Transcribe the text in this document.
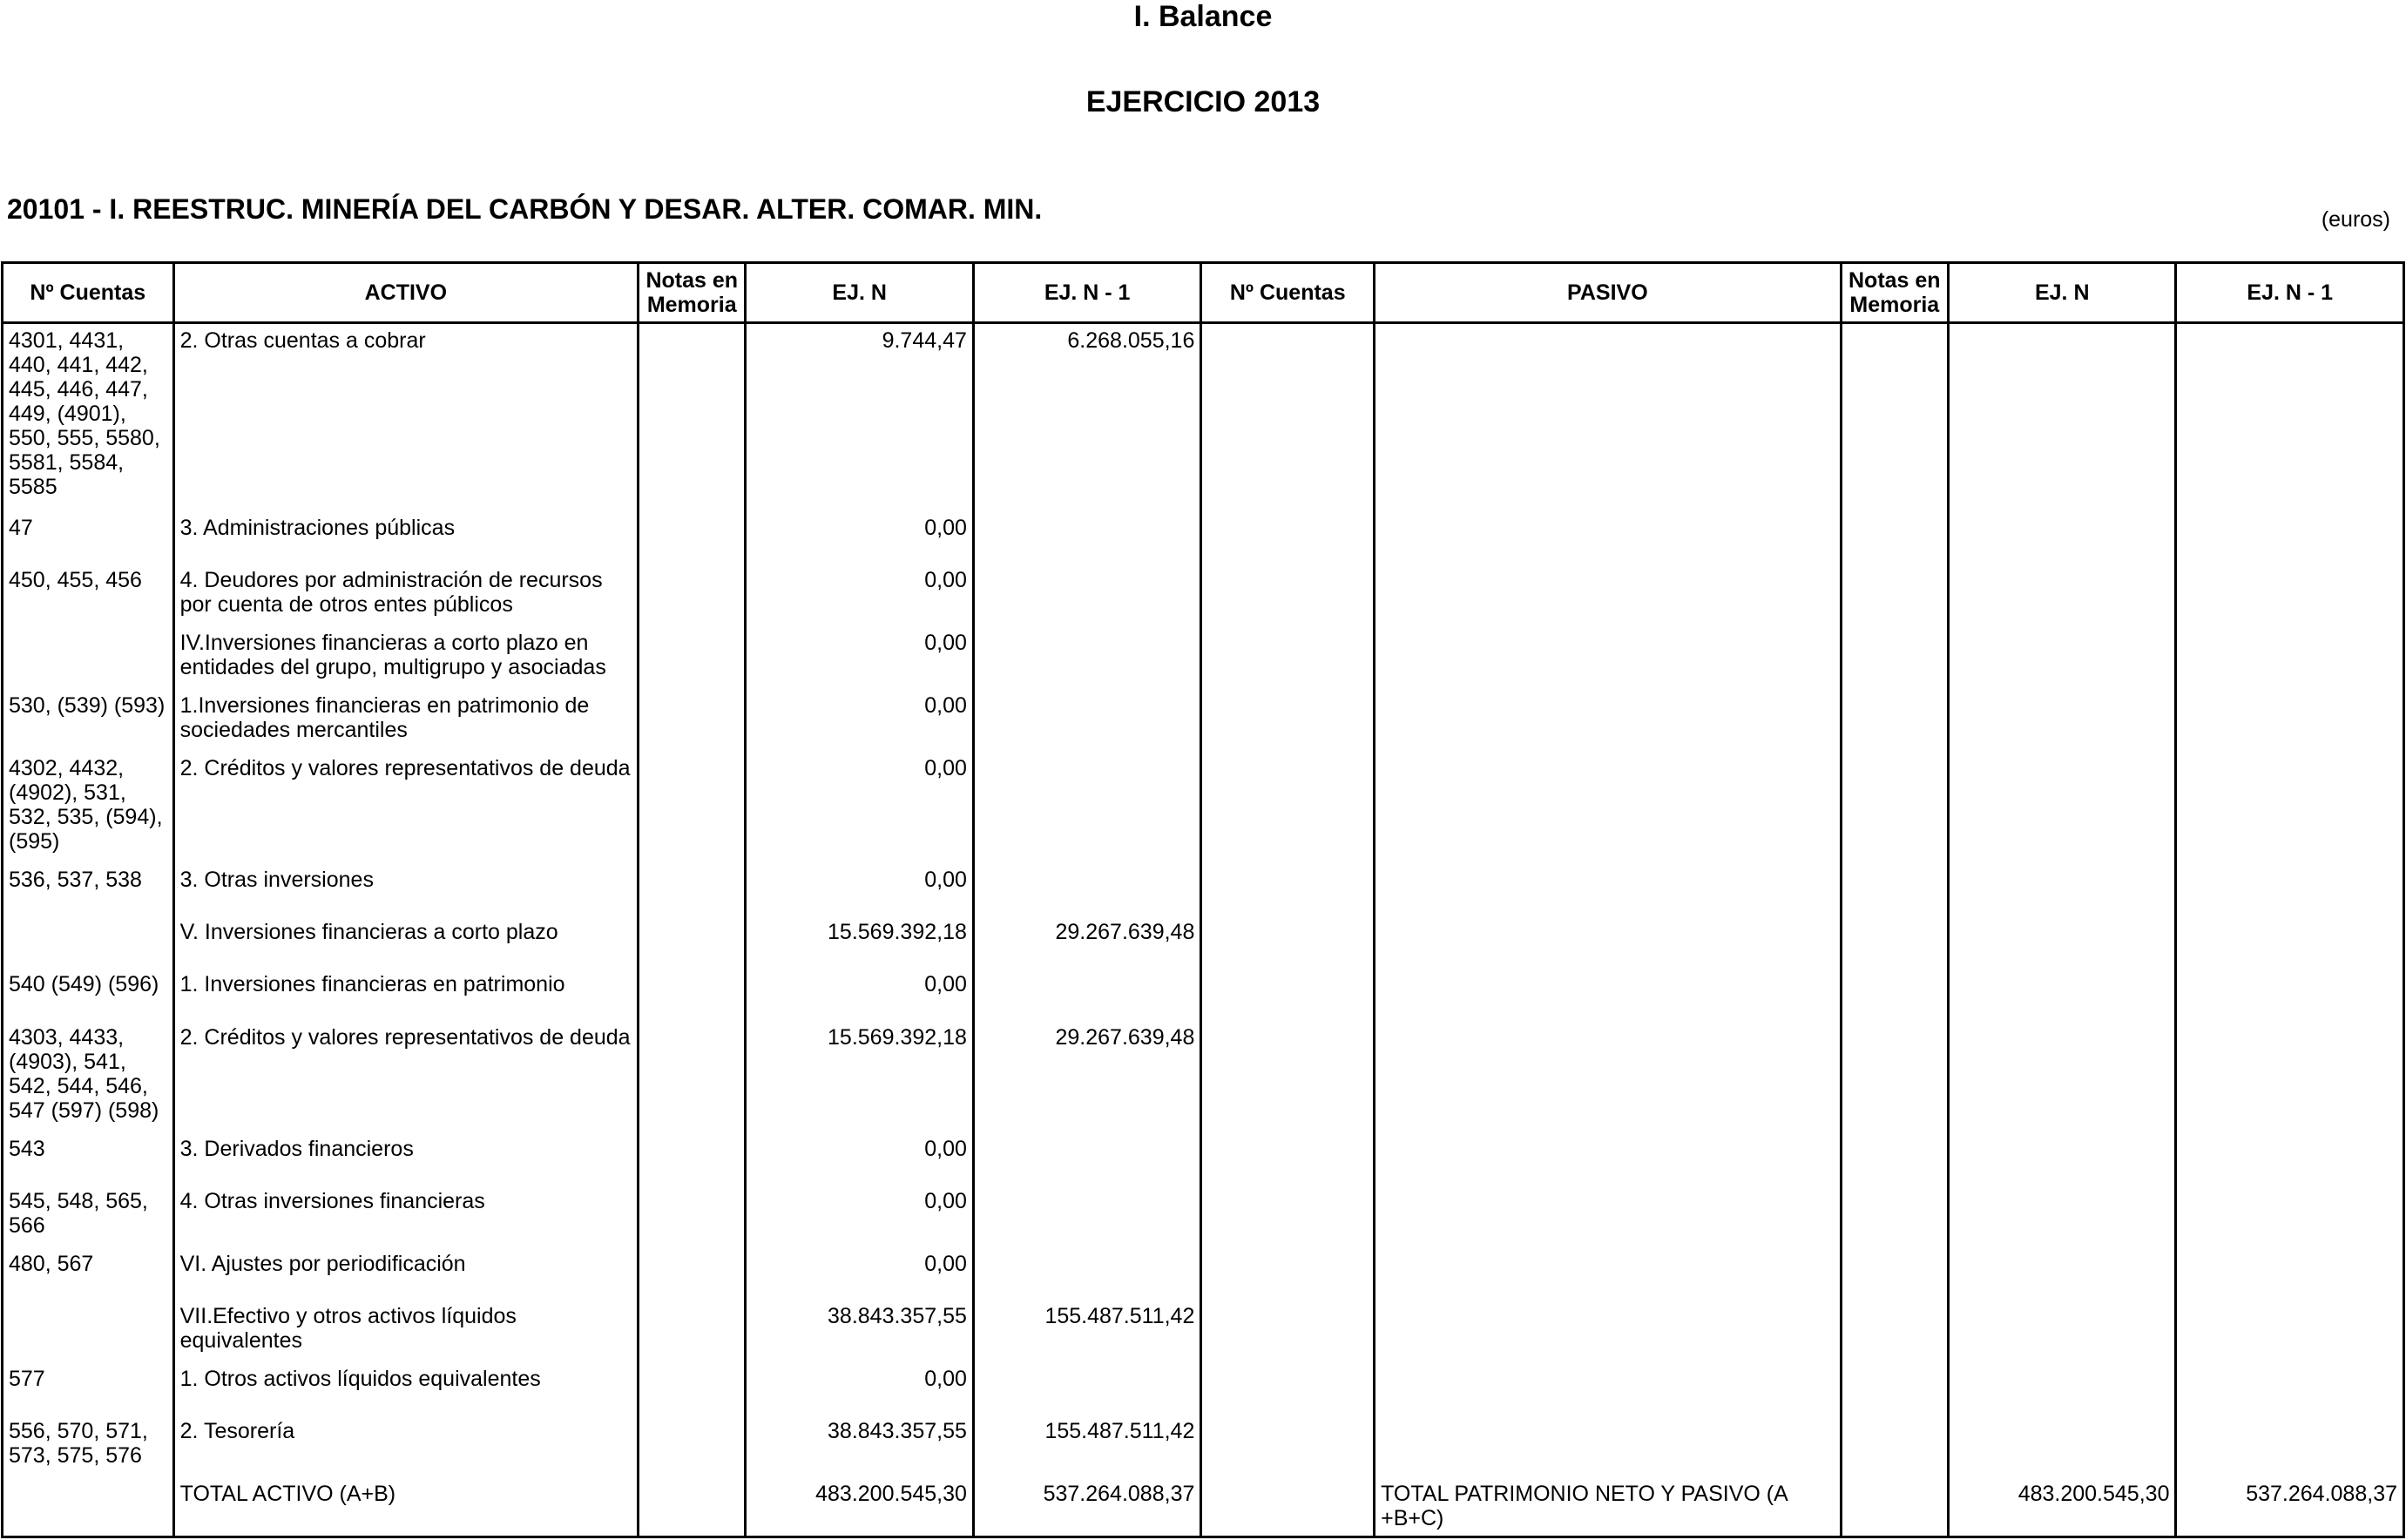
I. Balance
EJERCICIO 2013
20101 - I. REESTRUC. MINERÍA DEL CARBÓN Y DESAR. ALTER. COMAR. MIN.	(euros)
Nº Cuentas	ACTIVO	Notas en Memoria	EJ. N	EJ. N - 1	Nº Cuentas	PASIVO	Notas en Memoria	EJ. N	EJ. N - 1
4301, 4431, 440, 441, 442, 445, 446, 447, 449, (4901), 550, 555, 5580, 5581, 5584, 5585	2. Otras cuentas a cobrar		9.744,47	6.268.055,16					
47	3. Administraciones públicas		0,00						
450, 455, 456	4. Deudores por administración de recursos por cuenta de otros entes públicos		0,00						
	IV.Inversiones financieras a corto plazo en entidades del grupo, multigrupo y asociadas		0,00						
530, (539) (593)	1.Inversiones financieras en patrimonio de sociedades mercantiles		0,00						
4302, 4432, (4902), 531, 532, 535, (594), (595)	2. Créditos y valores representativos de deuda		0,00						
536, 537, 538	3. Otras inversiones		0,00						
	V. Inversiones financieras a corto plazo		15.569.392,18	29.267.639,48					
540 (549) (596)	1. Inversiones financieras en patrimonio		0,00						
4303, 4433, (4903), 541, 542, 544, 546, 547 (597) (598)	2. Créditos y valores representativos de deuda		15.569.392,18	29.267.639,48					
543	3. Derivados financieros		0,00						
545, 548, 565, 566	4. Otras inversiones financieras		0,00						
480, 567	VI. Ajustes por periodificación		0,00						
	VII.Efectivo y otros activos líquidos equivalentes		38.843.357,55	155.487.511,42					
577	1. Otros activos líquidos equivalentes		0,00						
556, 570, 571, 573, 575, 576	2. Tesorería		38.843.357,55	155.487.511,42					
	TOTAL ACTIVO (A+B)		483.200.545,30	537.264.088,37		TOTAL PATRIMONIO NETO Y PASIVO (A +B+C)		483.200.545,30	537.264.088,37
